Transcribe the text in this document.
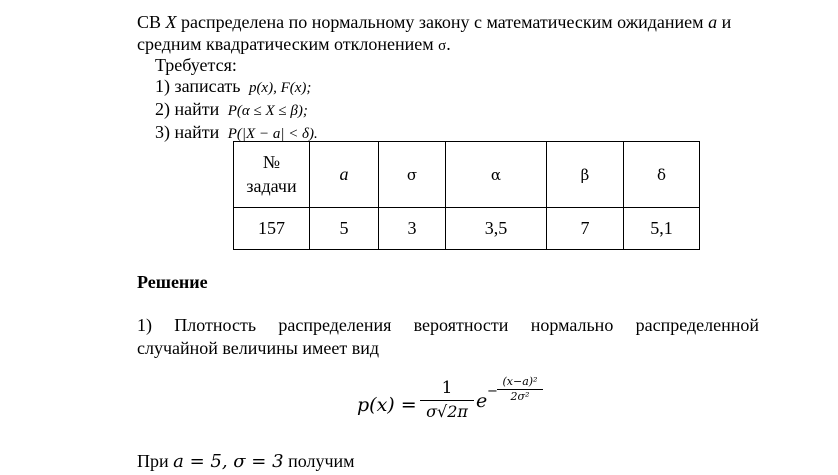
СВ X распределена по нормальному закону с математическим ожиданием a и
средним квадратическим отклонением σ.
Требуется:
1) записать p(x), F(x);
2) найти P(α ≤ X ≤ β);
3) найти P(|X − a| < δ).
№
задачи	a	σ	α	β	δ
157	5	3	3,5	7	5,1
Решение
1) Плотность распределения вероятности нормально распределенной
случайной величины имеет вид
p(x) =
1
σ√2π e −
(x−a)²
2σ²
При a = 5, σ = 3 получим
